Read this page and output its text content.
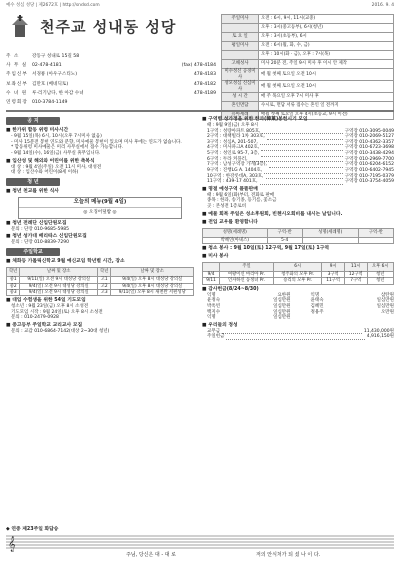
예수 성심 성당 | 제2672호 | http://sndsd.com	2016. 9. 4
천주교 성내동 성당
주 소	강동구 성내로 15길 58
사 무 실	02-478-4181	(fax) 478-4184
주임신부 서경룡 (아우구스티노)	478-4183
보좌신부 김만호 (베네딕토)	478-4182
수 녀 원	루·리기남다, 한 아감 수녀	478-4189
연령회장 010-3784-1149
주일미사	오전 : 6시, 9시, 11시(교중)
	오후 : 3시(중고등부), 6시(청년)
토 요 일	오후 : 3시(초등부), 6시
평일미사	오전 : 6시(월, 화, 수, 금)
	오후 : 10시(화 · 금), 오후 : 7시(목)
고해성사	미사 20분 전, 주일 9시 미사 후 이시 안 제작
미수성신 공경미사	매 월 첫째 토요일 오전 10시
성모성심 신심미사	매 월 첫째 토요일 오전 10시
성 시 간	매 주 목요일 오후 7시 미사 후
혼인면담	수시로, 면담 서류 접수는 혼인 일 전까지
유아세례	매월 첫째 토요일 오후 4시(초등교, 9시 이전)
공 지
■ 한가위 합동 위령 미사시간
- 9월 15일(목) 6시, 10시(오후 7시미사 없음)
- 미사 15분전 봉헌 연도와 분향, 미사예물 봉헌이 있으며 미사 후에는 연도가 없습니다.
* 합동위령 미사예물은 미리 사무실에서 접수 가능합니다.
- 9월 14일(수), 16일(금) 사무실 휴무입니다.
■ 입산성 및 해외와 어린이를 위한 축복식
대 상 : 9월 4일(주일) 오전 11시 미사, 대성전
대 상 : 입산수와 어린이(8세 이하)
청 년
■ 청년 천교를 위한 식사
오늘의 메뉴(9월 4일)
◎ 오징어덮밥 ◎
■ 청년 전례단 신입단원모집
문의 : 단장 010-9685-5985
■ 청년 성가대 베리따스 신입단원모집
문의 : 단장 010-8839-7290
주일학교
■ 체화등 가톨릭신학교 9월 예신교임 학년별 시간, 장소
학년	날짜 및 장소	학년	날짜 및 장소
중1	9/11(일) 오전 9시 대성당 강의실	고1	9/4(일) 오후 8시 대성당 강의실
중2	9/4(일) 오전 9시 대성당 강의실	고2	9/4(일) 오후 8시 대성당 강의실
중3	9/4(일) 오전 9시 대성당 강의실	고3	9/11(일) 오후 8시 새천완 서편성당
■ 대입 수험생을 위한 54일 기도모임
청소년 : 9월 23일(금) 오후 8시 소성전
기도모임 시작 : 9월 24일(토) 오후 8시 소성전
문의 : 010-2479-0928
■ 중고등부 주일학교 교리교사 모집
문의 : 교감 010-6864-7142(대상 2~30대 청년)
■ 구역별 성가정을 위한 한과(韓菓)봉헌시기 모임
때 : 9월 9일(금) 오후 8시
1구역 : 성량아파트 805호,	구역장 010-3095-0049
2구역 : 대책빌라 1차 303호,	구역장 010-2069-5127
3구역 : 성심A, 201-507,	구역장 010-4362-3357
4구역 : 미사파크A 402호,	구역장 010-6723-3698
5구역 : 성인로 95-7, 3층,	구역장 010-3438-4294
6구역 : 두라 커플러,	구역장 010-2969-7700
7구역 : 남성구역장 가게(3층),	구역장 010-6204-6152
9구역 : 진행LG A. 1404호,	구역장 010-6402-7945
10구역 : 한강롯데A, 303호,	구역장 010-7195-0379
11구역 : 439-17 401호,	구역장 010-3754-4059
■ 명절 예성구역 플뜰판매
때 : 9월 6일(화)부터, 전화로 판매
종목 : 한과, 송기종, 등기름, 꽃소금
곳 : 본성전 1층로비
■ 예물 회복 주일은 성소후원회, 빈첸시오회비를 내시는 날입니다.
■ 전입 교우를 환영합니다
성명(세례명)	구역-반	성명(세례명)	구역-반
박혜연(아녜스)	5-4		
■ 청소 봉사 : 9월 10일(토) 12구역, 9월 17일(토) 1구역
■ 미사 봉사
	주일	6시	9시	11시	오후 6시
9/4	여왕이신 마리아 Pr.	청주화의 모후 Pr.	3구역	12구역	청년
9/11	인자하신 동정녀 Pr.	승리의 모후 Pr.	11구역	7구역	청년
■ 감사헌금(8/24~8/30)
익명	요한원	익명	삼탄원
윤정숙	일심만원	윤태숙	일심만원
박옥빈	일심만원	김혜민	일심만원
백지수	일심만원	정용주	오만원
익명	일심만원
■ 우리들의 정성
교무금	11,430,000원
주일헌금	4,916,150원
◆ 연중 제23주일 화답송
𝄞
주님, 당신은 대 - 대 로	저의 안식처가 되 셨 나 이 다.
